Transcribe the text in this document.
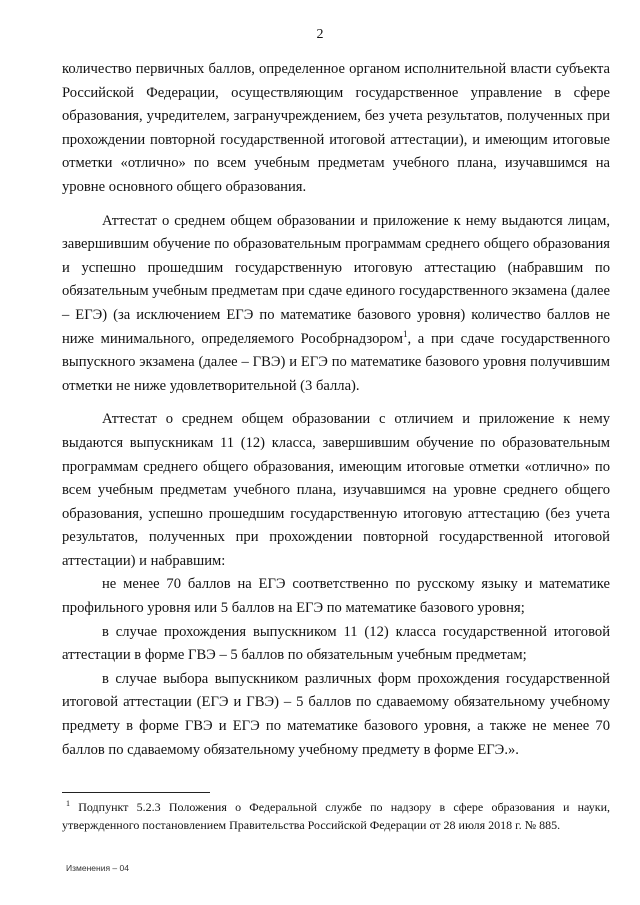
2

количество первичных баллов, определенное органом исполнительной власти субъекта Российской Федерации, осуществляющим государственное управление в сфере образования, учредителем, загранучреждением, без учета результатов, полученных при прохождении повторной государственной итоговой аттестации), и имеющим итоговые отметки «отлично» по всем учебным предметам учебного плана, изучавшимся на уровне основного общего образования.

Аттестат о среднем общем образовании и приложение к нему выдаются лицам, завершившим обучение по образовательным программам среднего общего образования и успешно прошедшим государственную итоговую аттестацию (набравшим по обязательным учебным предметам при сдаче единого государственного экзамена (далее – ЕГЭ) (за исключением ЕГЭ по математике базового уровня) количество баллов не ниже минимального, определяемого Рособрнадзором$^1$, а при сдаче государственного выпускного экзамена (далее – ГВЭ) и ЕГЭ по математике базового уровня получившим отметки не ниже удовлетворительной (3 балла).

Аттестат о среднем общем образовании с отличием и приложение к нему выдаются выпускникам 11 (12) класса, завершившим обучение по образовательным программам среднего общего образования, имеющим итоговые отметки «отлично» по всем учебным предметам учебного плана, изучавшимся на уровне среднего общего образования, успешно прошедшим государственную итоговую аттестацию (без учета результатов, полученных при прохождении повторной государственной итоговой аттестации) и набравшим:

не менее 70 баллов на ЕГЭ соответственно по русскому языку и математике профильного уровня или 5 баллов на ЕГЭ по математике базового уровня;

в случае прохождения выпускником 11 (12) класса государственной итоговой аттестации в форме ГВЭ – 5 баллов по обязательным учебным предметам;

в случае выбора выпускником различных форм прохождения государственной итоговой аттестации (ЕГЭ и ГВЭ) – 5 баллов по сдаваемому обязательному учебному предмету в форме ГВЭ и ЕГЭ по математике базового уровня, а также не менее 70 баллов по сдаваемому обязательному учебному предмету в форме ЕГЭ.».

$^1$ Подпункт 5.2.3 Положения о Федеральной службе по надзору в сфере образования и науки, утвержденного постановлением Правительства Российской Федерации от 28 июля 2018 г. № 885.
Изменения – 04
